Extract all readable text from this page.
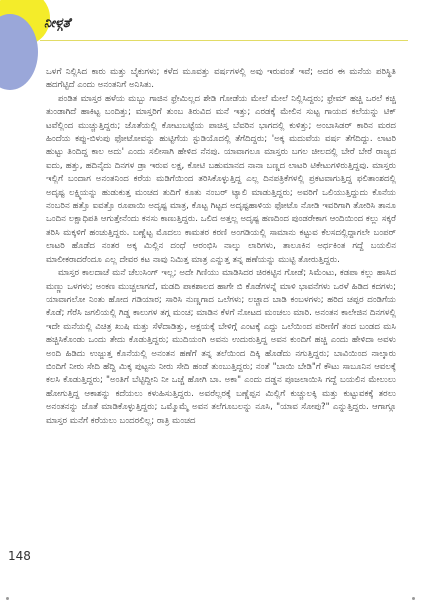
ನೀಳ್ಗತೆ

ಒಳಗೆ ನಿಲ್ಲಿಸಿದ ಕಾರು ಮತ್ತು ಬೈಕುಗಳು; ಕಳೆದ ಮೂವತ್ತು ವರ್ಷಗಳಲ್ಲಿ ಅವು ಇರುವಂತೆ ಇವೆ; ಅದರ ಈ ಮನೆಯ ಪರಿಸ್ಥಿತಿ ಹದಗೆಟ್ಟಿದೆ ಎಂದು ಅನಂತನಿಗೆ ಅನಿಸಿತು.

ಪಂಡಿತ ಮಾಸ್ತರ ಹಳೆಯ ಮಬ್ಬು ಗಾಜಿನ ಫ್ರೇಮಿಲ್ಲದ ಶೇಡಿ ಗೋಡೆಯ ಮೇಲೆ ಮೇಲೆ ನಿಲ್ಲಿಸಿದ್ದರು; ಫ್ರೇಮ್ ಹಚ್ಚಿ ಒರಲೆ ಕಚ್ಚಿ ತುಂಡಾಗಿದೆ ಹಾಕಿಟ್ಟ ಬಂದಿತ್ತು; ಮಾಸ್ತರಿಗೆ ತುಂಬ ತಿರುವಿದ ಮನೆ ಇತ್ತು; ಎರಡಕ್ಕೆ ಮೇಲಿನ ಸುಟ್ಟ ಗಾಯದ ಕಲೆಯನ್ನು ಟಿಕ್ ಟವೆಲ್ಲಿಂದ ಮುಚ್ಚುತ್ತಿದ್ದರು; ಜೊತೆಯಲ್ಲಿ ಕೋಟುಬಟ್ಟೆಯ ಪಾಚಿಸ್ತ ಬೆವರಿನ ಭಾಗದಲ್ಲಿ ಕುಳಿತ್ತು; ಅಂಬಾಸಿಡರ್ ಕಾರಿನ ಮರದ ಹಿಂದೆಯ ಕಪ್ಪು-ಬಿಳುಪು ಫೋಟೋವನ್ನು ಹುಟ್ಟಿಗೆಯ ಸ್ಟುಡಿಯೊದಲ್ಲಿ ತೆಗೆದಿದ್ದರು; 'ಅಕ್ಕ ಮದುವೆಯ ವರ್ಷ ತೆಗೆದಿದ್ದು. ಲಾಟರಿ ಹುಟ್ಟು ತಿಂದಿದ್ದ ಕಾಲ ಅದು' ಎಂದು ಸಲೀಸಾಗಿ ಹೇಳಿದ ನೆನಪು. ಯಾವಾಗಲೂ ಮಾಸ್ತರು ಬಗಲ ಚೀಲದಲ್ಲಿ ಬೇರೆ ಬೇರೆ ರಾಜ್ಯದ ಐದು, ಹತ್ತು, ಹದಿನೈದು ದಿನಗಳ ಡ್ರಾ ಇರುವ ಲಕ್ಷ, ಕೋಟಿ ಬಹುಮಾನದ ನಾನಾ ಬಣ್ಣದ ಲಾಟರಿ ಟಿಕೇಟುಗಳಿರುತ್ತಿದ್ದವು. ಮಾಸ್ತರು ಇಲ್ಲಿಗೆ ಬಂದಾಗ ಅನಂತನಿಂದ ಕರೆಯ ಮಡಿಗೆಯಿಂದ ತರಿಸಿಕೊಳ್ಳುತ್ತಿದ್ದ ಎಲ್ಲ ದಿನಪತ್ರಿಕೆಗಳಲ್ಲಿ ಪ್ರಕಟವಾಗುತ್ತಿದ್ದ ಫಲಿತಾಂಶದಲ್ಲಿ ಅದೃಷ್ಟ ಲಕ್ಷ್ಮಿಯನ್ನು ಹುಡುಕುತ್ತ ಮಂಚದ ತುದಿಗೆ ಕೂತು ನಂಬರ್ ಟ್ಯಾಲಿ ಮಾಡುತ್ತಿದ್ದರು; ಅವರಿಗೆ ಒಲಿಯುತ್ತಿದ್ದುದು ಕೊನೆಯ ನಂಬರಿನ ಹತ್ತೊ ಐವತ್ತೊ ರೂಪಾಯಿ ಅದೃಷ್ಟ ಮಾತ್ರ, ಕೊಟ್ಟ ಗಿಟ್ಟದ ಅದೃಷ್ಟಹಾಳಿಯ ಫೋಟೊ ನೋಡಿ ಇವರಿಗಾಗಿ ತೋರಿಸಿ ತಾನೂ ಒಂದಿನ ಲಕ್ಷಾಧಿಪತಿ ಆಗುತ್ತೇನೆಂದು ಕನಸು ಕಾಣುತ್ತಿದ್ದರು. ಒಲಿದ ಅತ್ತಲ್ಲ ಅದೃಷ್ಟ ಹಣದಿಂದ ಪುಂಡರೇಕಾಗ ಆಂದಿಯಿಂದ ಕಲ್ಲು ಸಕ್ಕರೆ ತರಿಸಿ ಮಕ್ಕಳಿಗೆ ಹಂಚುತ್ತಿದ್ದರು. ಬಣ್ಣೆಟ್ಟ ಮೊದಲು ಕಾಮತರ ಕರಣಿ ಅಂಗಡಿಯಲ್ಲಿ ಸಾಮಾನು ಕಟ್ಟುವ ಕೆಲಸದಲ್ಲಿದ್ದಾಗಲೇ ಬಂಪರ್ ಲಾಟರಿ ಹೊಡೆದ ನಂತರ ಅಕ್ಕ ಮಿಲ್ಲಿನ ದಂಧೆ ಆರಂಭಿಸಿ ನಾಲ್ಕು ಲಾರಿಗಳು, ತಾಲೂಕಿನ ಅರ್ಧಕಿಂತ ಗದ್ದೆ ಬಯಲಿನ ಮಾಲೀಕರಾದರೆಂದೂ ಎಲ್ಲ ದೇವರ ಕಟ ನಾವು ನಿಮಿತ್ತ ಮಾತ್ರ ಎನ್ನುತ್ತ ತನ್ನ ಹಣೆಯನ್ನು ಮುಟ್ಟಿ ತೋರುತ್ತಿದ್ದರು.

ಮಾಸ್ತರ ಕಾಲದಾಚೆ ಮನೆ ಚೆಲುಸಿಂಗ್ ಇಲ್ಲ; ಅದೇ ಗಿಣಿಯು ಮಾಡಿಸಿದರ ಚಿರಕಟ್ಟಿನ ಗೋಡೆ; ಸಿಮೆಂಟು, ಕಡಪಾ ಕಲ್ಲು ಹಾಸಿದ ಮಣ್ಣು ಒಳಗಳು; ಅಂಕಣ ಮುಚ್ಚಲಾಗದೆ, ಮಡದಿ ಪಾಕಶಾಲದ ಹಾಗೇ ಬಿ ಕೊಡೆಗಳನ್ನೆ ಮಾಳಿ ಭಾವನೆಗಳು ಒರಳೆ ಹಿಡಿದ ಕದಗಳು; ಯಾವಾಗಲೋ ನಿಂತು ಹೋದ ಗಡಿಯಾರ; ಸಾರಿಸಿ ನುಣ್ಣಗಾದ ಒಲೆಗಳು; ಲಚ್ಚಾದ ಬಾಡಿ ಕಂಬಳಗಳು; ಹರಿದ ಚಪ್ಪರ ದಂಡಿಗೆಯ ಕೊಡೆ; ಗೆರೆಸಿ ಜಗಲಿಯಲ್ಲಿ ಗಿಡ್ಡ ಕಾಲುಗಳ ತಗ್ಗ ಮಂಚ; ಮಾಡಿನ ಕೆಳಗೆ ನೋಟದ ಮಂಚಲು ಮಾರಿ. ಅನಂತನ ಕಾಲೇಜಿನ ದಿನಗಳಲ್ಲಿ ಇದೇ ಮನೆಯಲ್ಲಿ ವಿಚಿತ್ರ ಖುಷಿ ಮತ್ತು ಸೆಳೆದಾಡಿತ್ತು, ಅಕ್ಷಯಕ್ಕೆ ಬೇಳಿಗ್ಗೆ ಎಂಟಕ್ಕೆ ಎದ್ದು ಒಲೆಯಿಂದ ಪರೀಣಿಗೆ ತಂದ ಬಂಡದ ಮಸಿ ಹಚ್ಚಿಸಿಕೊಂಡು ಒಂದು ತೇದು ಕೊಡುತ್ತಿದ್ದರು; ಮುದಿಯಂಗಿ ಅವನು ಉದುರುತ್ತಿದ್ದ ಅವನ ಕುಂದಿಗೆ ಹಚ್ಚಿ ಎಂದು ಹೇಳಿದಾ ಅವಳು ಅಂದಿ ಹಿಡಿದು ಉಜ್ಜುತ್ತ ಕೊನೆಯಲ್ಲಿ ಅನಂತನ ಹಣೆಗೆ ತನ್ನ ತಲೆಯಿಂದ ದಿಕ್ಕಿ ಹೊಡೆದು ನಗುತ್ತಿದ್ದರು; ಬಾವಿಯಿಂದ ನಾಲ್ಕಾರು ಬಿಂದಿಗೆ ನೀರು ಸೇದಿ ಹೆದ್ದಿ ಮಿಕ್ಕ ಪುಟ್ಟನು ನೀರು ಸೇದಿ ಹಂಡೆ ತುಂಬುತ್ತಿದ್ದರು; ನಂತೆ "ಬಾಯಿ ಬೇಡಿ"ಗೆ ಕೌಟು ಸಾಬೂನಿನ ಆವಲಕ್ಕೆ ಕಲಸಿ ಕೊಡುತ್ತಿದ್ದರು; "ಅಂತಿಗೆ ಬೆಟ್ಟಿದ್ದೀನಿ ನೀ ಒಚ್ಚೆ ಹೋಗಿ ಬಾ. ಅಕಾ" ಎಂದು ದಡ್ಡನ ಪೂಜಲಾಯಿಸಿ ಗದ್ದೆ ಬಯಲಿನ ಮೇಲುಲು ಹೋಗುತ್ತಿದ್ದ ಆಕಾಶನ್ನು ಕದೆಯಲು ಕಳುಹಿಸುತ್ತಿದ್ದರು. ಅವರೆಲ್ಲರಕ್ಕೆ ಬಣ್ಣೆಪ್ಪನ ಮಿಲ್ಲಿಗೆ ಕುಚ್ಚುಲಕ್ಕಿ ಮತ್ತು ಕುಟ್ಟುವಕಕ್ಕೆ ತರಲು ಅನಂತನನ್ನು ಜೊತೆ ಮಾಡಿಕೊಳ್ಳುತ್ತಿದ್ದರು; ಒಮ್ಮೊಮ್ಮೆ ಅವನ ತಲೆಗೂಬಲನ್ನು ನೂಸಿ, "ಯಾವ ಸೋಪು?" ಎನ್ನುತ್ತಿದ್ದರು. ಆಗಾಗ್ಗೂ ಮಾಸ್ತರ ಮನೆಗೆ ಕರೆಯಲು ಬಂದರಲಿಲ್ಲ; ರಾತ್ರಿ ಮಂಚದ

148
